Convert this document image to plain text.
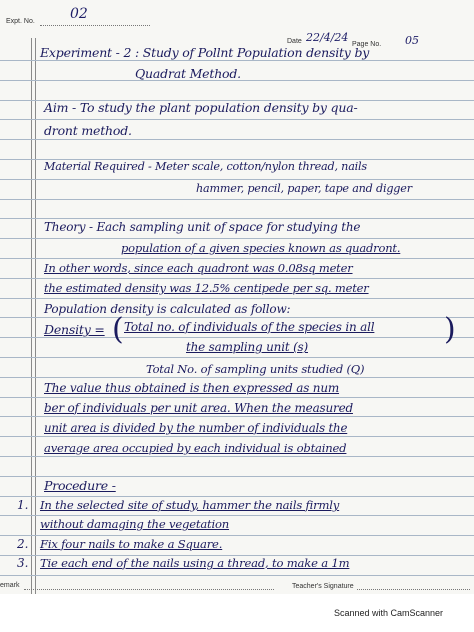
Expt. No.	02
Date 22/4/24
Page No. 05
Experiment - 2 : Study of Pollnt Population density by
Quadrat Method.
Aim - To study the plant population density by qua-
dront method.
Material Required - Meter scale, cotton/nylon thread, nails
hammer, pencil, paper, tape and digger
Theory - Each sampling unit of space for studying the
population of a given species known as quadront.
In other words, since each quadront was 0.08sq meter
the estimated density was 12.5% centipede per sq. meter
Population density is calculated as follow:
Density = ( Total no. of individuals of the species in all
the sampling unit (s)	)
Total No. of sampling units studied (Q)
The value thus obtained is then expressed as num
ber of individuals per unit area. When the measured
unit area is divided by the number of individuals the
average area occupied by each individual is obtained
Procedure -
1. In the selected site of study, hammer the nails firmly
without damaging the vegetation
2. Fix four nails to make a Square.
3. Tie each end of the nails using a thread, to make a 1m
emark	Teacher's Signature
Scanned with CamScanner
